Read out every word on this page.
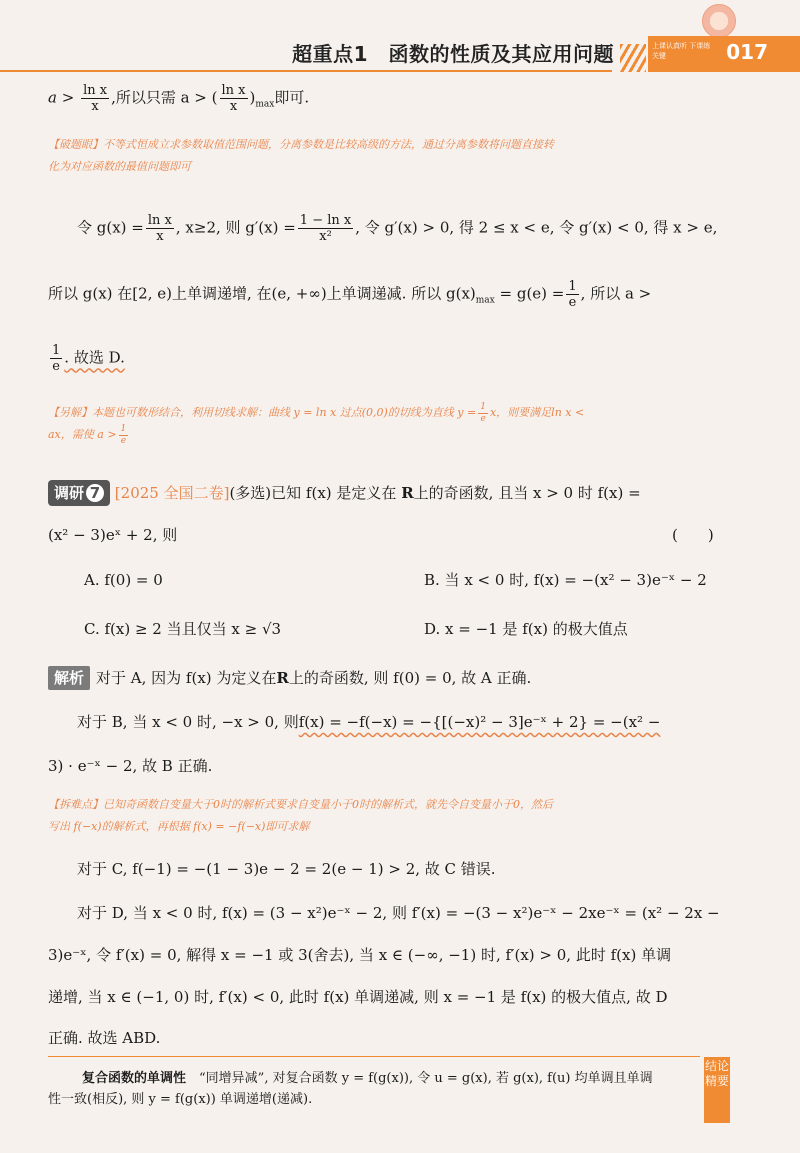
超重点1　函数的性质及其应用问题	上课认真听 下课练关键	017
$a > \frac{\text{ln x}}{x}$ ,所以只需 a > ( $\frac{\text{ln x}}{x} )_{max}$即可.
【破题眼】不等式恒成立求参数取值范围问题，分离参数是比较高级的方法，通过分离参数将问题直接转
化为对应函数的最值问题即可
令 $g(x) = \frac{\text{ln x}}{x}$ , x≥2, 则 $g'(x) = \frac{\text{1 − ln x}}{\text{x²}}$ , 令 g′(x) > 0, 得 2 ≤ x < e, 令 g′(x) < 0, 得 x > e,
所以 g(x) 在[2, e)上单调递增, 在(e, +∞)上单调递减. 所以 $g(x)_{max} = g(e) = \frac{1}{e}$ , 所以 a >
$\frac{1}{e}$ . 故选 D.
【另解】本题也可数形结合，利用切线求解：曲线 y = ln x 过点(0,0)的切线为直线 $y = \frac{1}{e}$ x，则要满足ln x <
ax，需使 $a > \frac{1}{e}$
调研 7 [2025 全国二卷](多选)已知 f(x) 是定义在 R上的奇函数, 且当 x > 0 时 f(x) =
(x² − 3)eˣ + 2, 则	(　　)
A. f(0) = 0	B. 当 x < 0 时, f(x) = −(x² − 3)e⁻ˣ − 2
C. f(x) ≥ 2 当且仅当 x ≥ √3	D. x = −1 是 f(x) 的极大值点
解析 对于 A, 因为 f(x) 为定义在R上的奇函数, 则 f(0) = 0, 故 A 正确.
对于 B, 当 x < 0 时, −x > 0, 则f(x) = −f(−x) = −{[(−x)² − 3]e⁻ˣ + 2} = −(x² −
3) · e⁻ˣ − 2, 故 B 正确.
【拆难点】已知奇函数自变量大于0时的解析式要求自变量小于0时的解析式，就先令自变量小于0，然后
写出 f(−x)的解析式，再根据 f(x) = −f(−x)即可求解
对于 C, f(−1) = −(1 − 3)e − 2 = 2(e − 1) > 2, 故 C 错误.
对于 D, 当 x < 0 时, f(x) = (3 − x²)e⁻ˣ − 2, 则 f′(x) = −(3 − x²)e⁻ˣ − 2xe⁻ˣ = (x² − 2x −
3)e⁻ˣ, 令 f′(x) = 0, 解得 x = −1 或 3(舍去), 当 x ∈ (−∞, −1) 时, f′(x) > 0, 此时 f(x) 单调
递增, 当 x ∈ (−1, 0) 时, f′(x) < 0, 此时 f(x) 单调递减, 则 x = −1 是 f(x) 的极大值点, 故 D
正确. 故选 ABD.
复合函数的单调性　 “同增异减”, 对复合函数 y = f(g(x)), 令 u = g(x), 若 g(x), f(u) 均单调且单调
性一致(相反), 则 y = f(g(x)) 单调递增(递减).
结论精要
